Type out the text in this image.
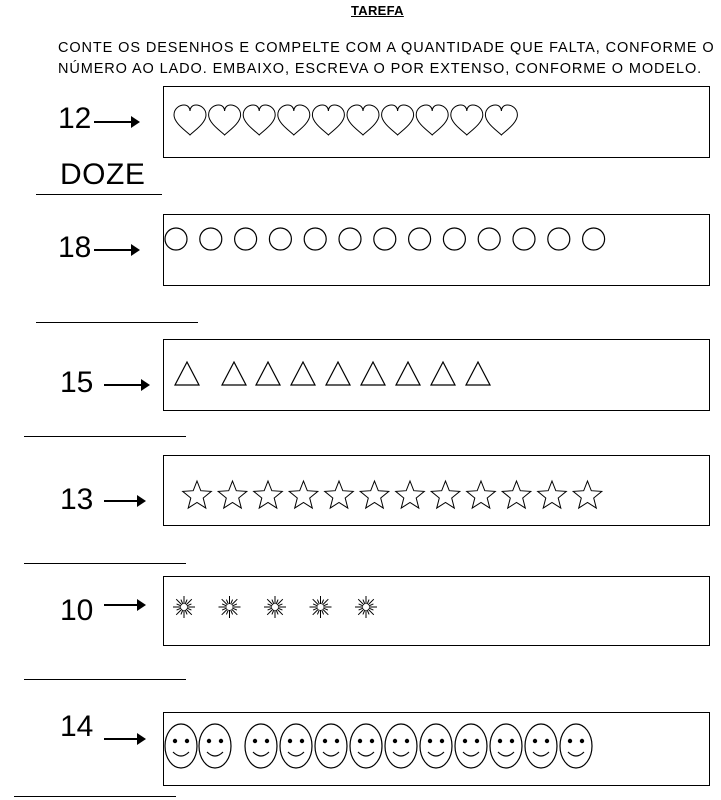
TAREFA
CONTE OS DESENHOS E COMPELTE COM A QUANTIDADE QUE FALTA, CONFORME O
NÚMERO AO LADO. EMBAIXO, ESCREVA O POR EXTENSO, CONFORME O MODELO.
12
DOZE
18
15
13
10
14
